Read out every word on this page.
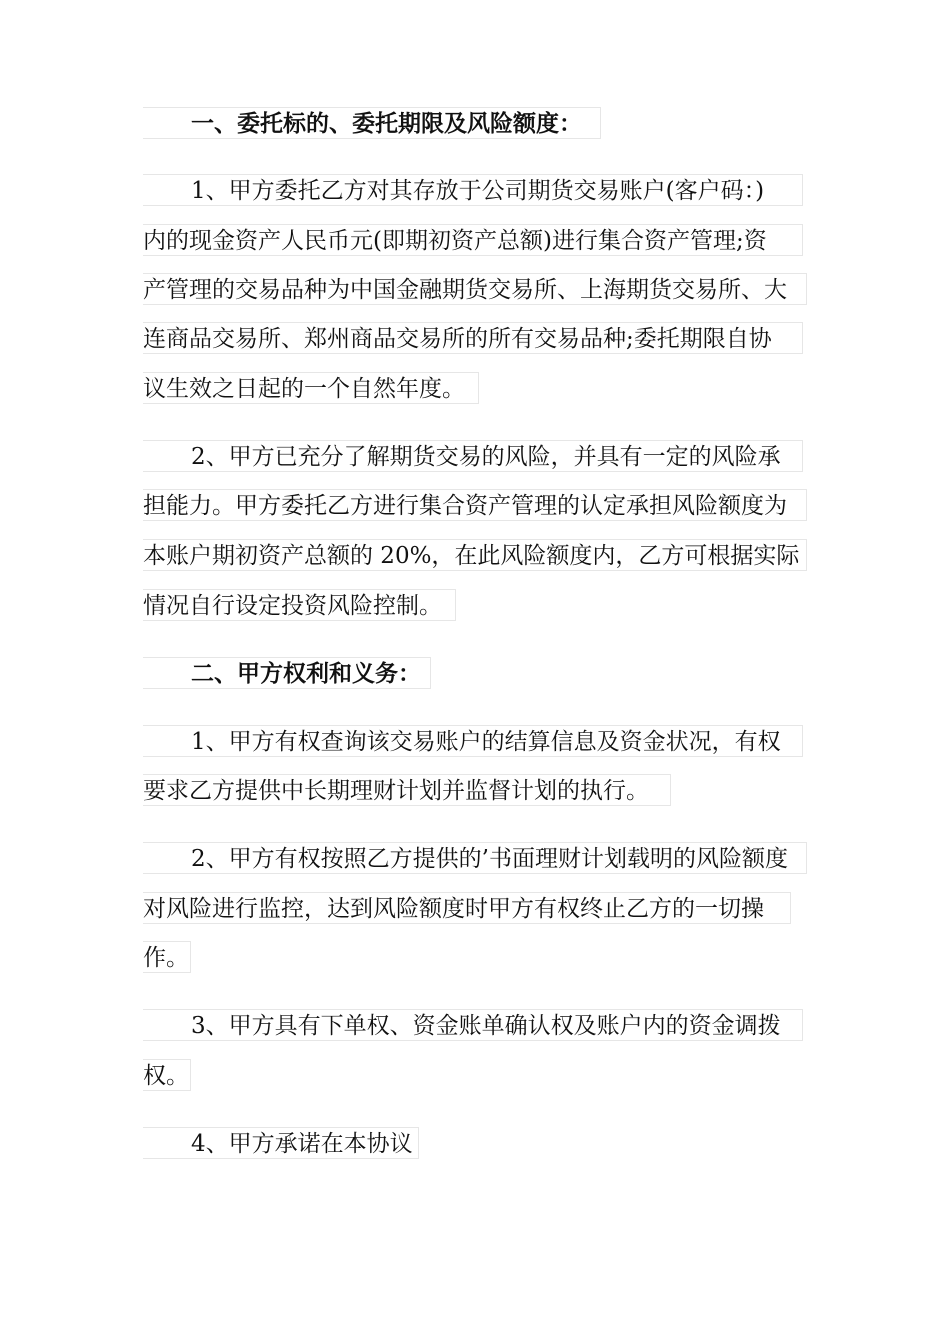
一、委托标的、委托期限及风险额度：
1、甲方委托乙方对其存放于公司期货交易账户(客户码：)
内的现金资产人民币元(即期初资产总额)进行集合资产管理;资
产管理的交易品种为中国金融期货交易所、上海期货交易所、大
连商品交易所、郑州商品交易所的所有交易品种;委托期限自协
议生效之日起的一个自然年度。
2、甲方已充分了解期货交易的风险，并具有一定的风险承
担能力。甲方委托乙方进行集合资产管理的认定承担风险额度为
本账户期初资产总额的 20%，在此风险额度内，乙方可根据实际
情况自行设定投资风险控制。
二、甲方权利和义务：
1、甲方有权查询该交易账户的结算信息及资金状况，有权
要求乙方提供中长期理财计划并监督计划的执行。
2、甲方有权按照乙方提供的’书面理财计划载明的风险额度
对风险进行监控，达到风险额度时甲方有权终止乙方的一切操
作。
3、甲方具有下单权、资金账单确认权及账户内的资金调拨
权。
4、甲方承诺在本协议
